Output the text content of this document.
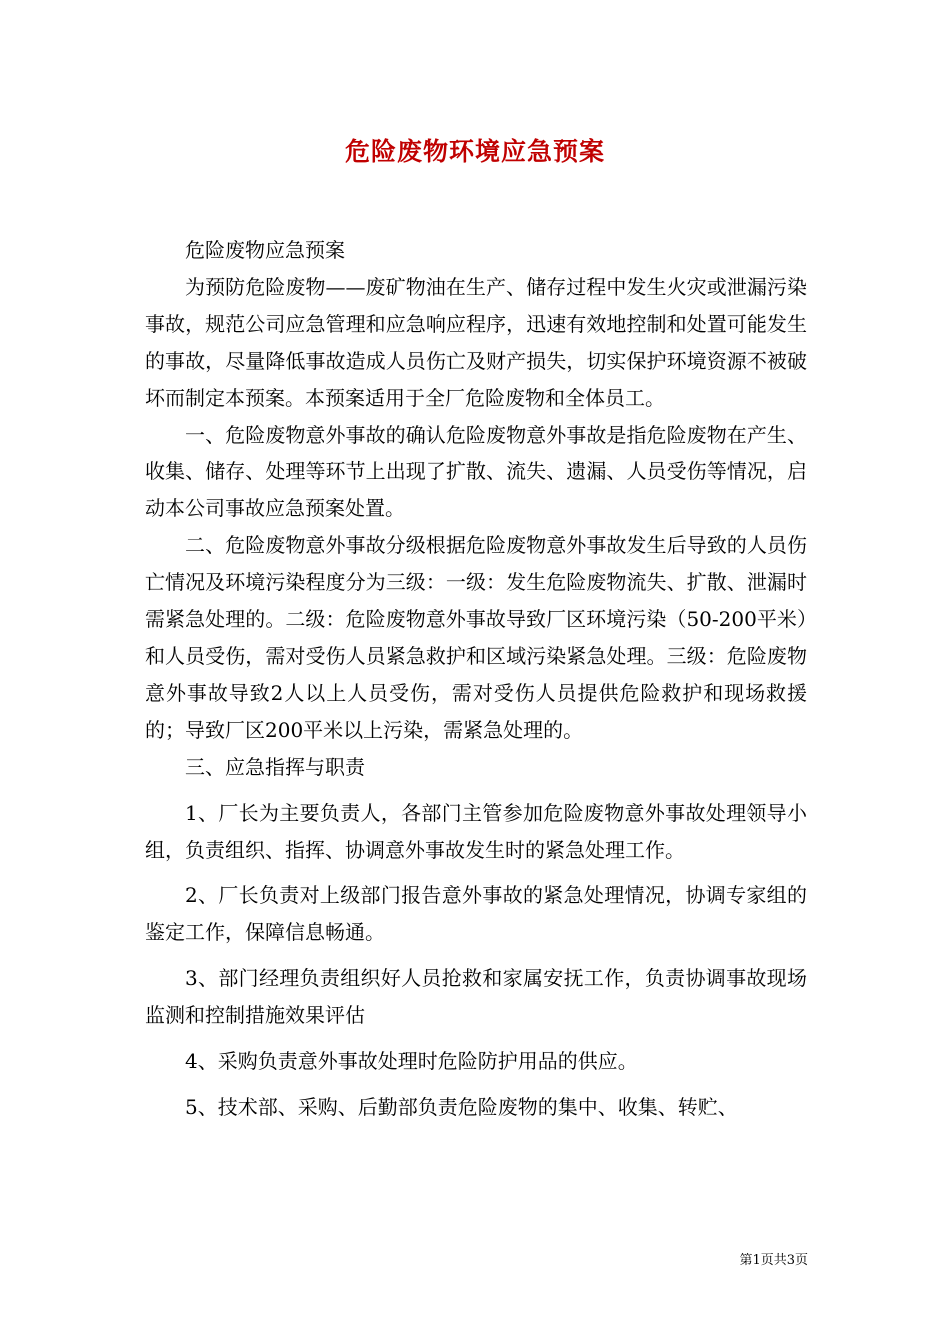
危险废物环境应急预案

危险废物应急预案

为预防危险废物——废矿物油在生产、储存过程中发生火灾或泄漏污染事故，规范公司应急管理和应急响应程序，迅速有效地控制和处置可能发生的事故，尽量降低事故造成人员伤亡及财产损失，切实保护环境资源不被破坏而制定本预案。本预案适用于全厂危险废物和全体员工。

一、危险废物意外事故的确认危险废物意外事故是指危险废物在产生、收集、储存、处理等环节上出现了扩散、流失、遗漏、人员受伤等情况，启动本公司事故应急预案处置。

二、危险废物意外事故分级根据危险废物意外事故发生后导致的人员伤亡情况及环境污染程度分为三级：一级：发生危险废物流失、扩散、泄漏时需紧急处理的。二级：危险废物意外事故导致厂区环境污染（50-200平米）和人员受伤，需对受伤人员紧急救护和区域污染紧急处理。三级：危险废物意外事故导致2人以上人员受伤，需对受伤人员提供危险救护和现场救援的；导致厂区200平米以上污染，需紧急处理的。

三、应急指挥与职责

1、厂长为主要负责人，各部门主管参加危险废物意外事故处理领导小组，负责组织、指挥、协调意外事故发生时的紧急处理工作。

2、厂长负责对上级部门报告意外事故的紧急处理情况，协调专家组的鉴定工作，保障信息畅通。

3、部门经理负责组织好人员抢救和家属安抚工作，负责协调事故现场监测和控制措施效果评估

4、采购负责意外事故处理时危险防护用品的供应。

5、技术部、采购、后勤部负责危险废物的集中、收集、转贮、

第1页共3页
